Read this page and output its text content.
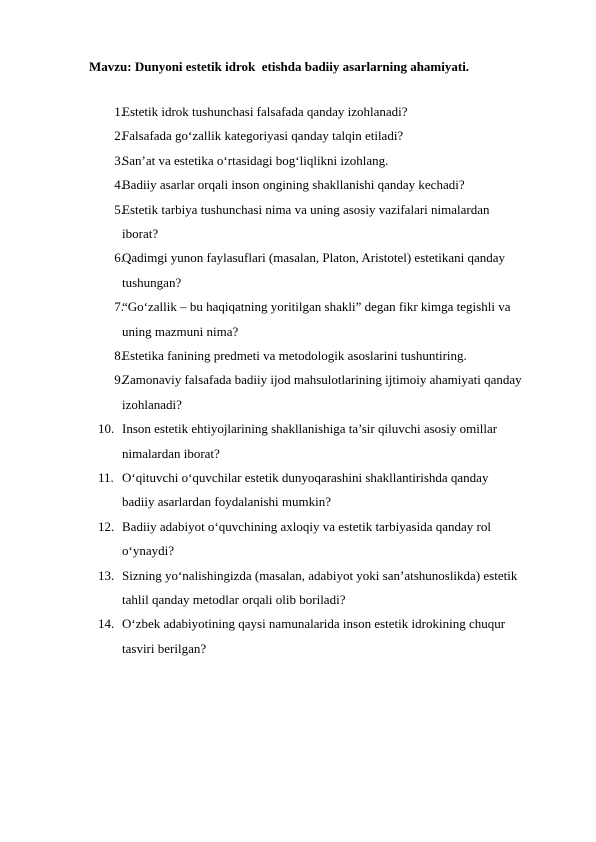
Mavzu: Dunyoni estetik idrok  etishda badiiy asarlarning ahamiyati.
1.
Estetik idrok tushunchasi falsafada qanday izohlanadi?
2.
Falsafada go‘zallik kategoriyasi qanday talqin etiladi?
3.
San’at va estetika o‘rtasidagi bog‘liqlikni izohlang.
4.
Badiiy asarlar orqali inson ongining shakllanishi qanday kechadi?
5.
Estetik tarbiya tushunchasi nima va uning asosiy vazifalari nimalardan
iborat?
6.
Qadimgi yunon faylasuflari (masalan, Platon, Aristotel) estetikani qanday
tushungan?
7.
“Go‘zallik – bu haqiqatning yoritilgan shakli” degan fikr kimga tegishli va
uning mazmuni nima?
8.
Estetika fanining predmeti va metodologik asoslarini tushuntiring.
9.
Zamonaviy falsafada badiiy ijod mahsulotlarining ijtimoiy ahamiyati qanday
izohlanadi?
10. Inson estetik ehtiyojlarining shakllanishiga ta’sir qiluvchi asosiy omillar
nimalardan iborat?
11. O‘qituvchi o‘quvchilar estetik dunyoqarashini shakllantirishda qanday
badiiy asarlardan foydalanishi mumkin?
12. Badiiy adabiyot o‘quvchining axloqiy va estetik tarbiyasida qanday rol
o‘ynaydi?
13. Sizning yo‘nalishingizda (masalan, adabiyot yoki san’atshunoslikda) estetik
tahlil qanday metodlar orqali olib boriladi?
14. O‘zbek adabiyotining qaysi namunalarida inson estetik idrokining chuqur
tasviri berilgan?
